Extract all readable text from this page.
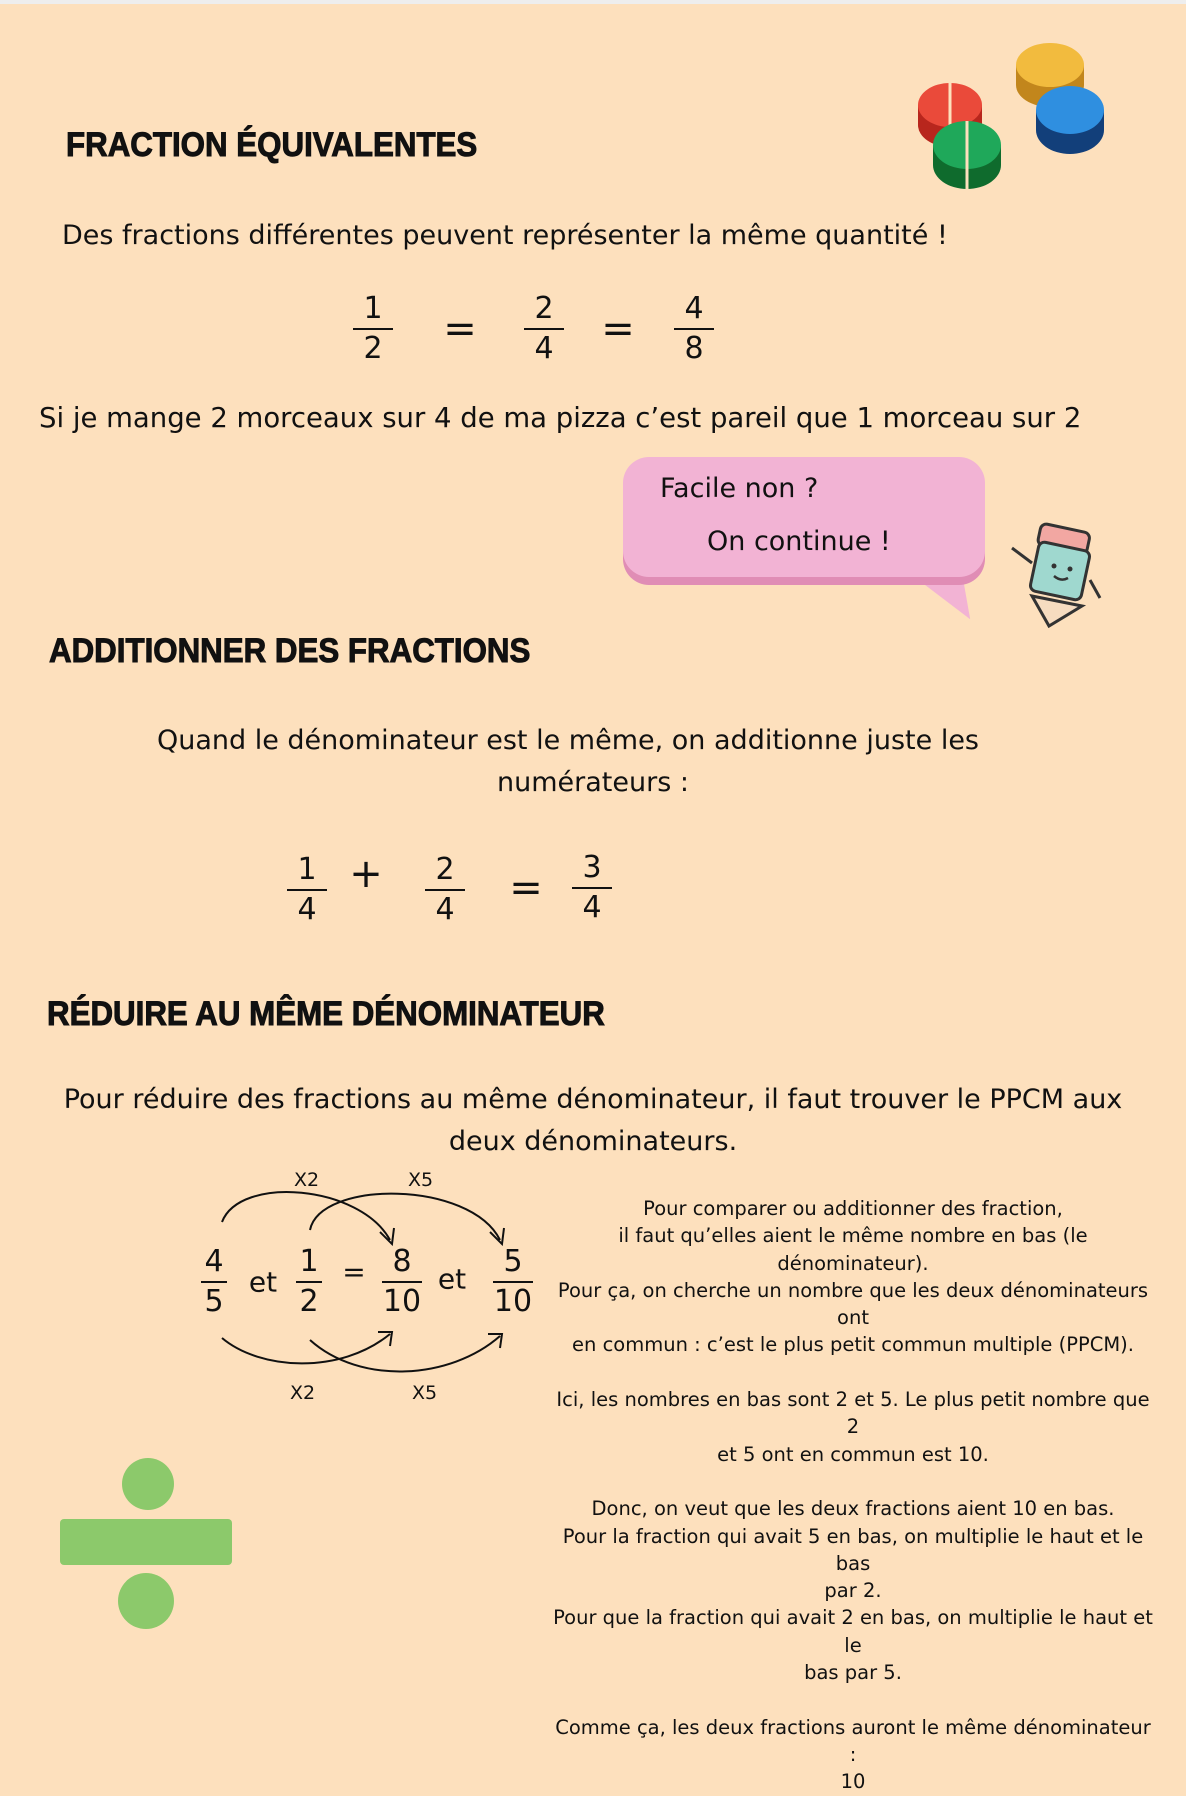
FRACTION ÉQUIVALENTES
Des fractions différentes peuvent représenter la même quantité !
1
2 = 2
4 = 4
8
Si je mange 2 morceaux sur 4 de ma pizza c’est pareil que 1 morceau sur 2
Facile non ?
On continue !
ADDITIONNER DES FRACTIONS
Quand le dénominateur est le même, on additionne juste les
numérateurs :
1
4
+ 2
4 = 3
4
RÉDUIRE AU MÊME DÉNOMINATEUR
Pour réduire des fractions au même dénominateur, il faut trouver le PPCM aux
deux dénominateurs.
X2	X5
X2	X5
4
5
et
1
2
= 8
10
et 5
10
Pour comparer ou additionner des fraction,
il faut qu’elles aient le même nombre en bas (le dénominateur).
Pour ça, on cherche un nombre que les deux dénominateurs ont
en commun : c’est le plus petit commun multiple (PPCM).
Ici, les nombres en bas sont 2 et 5. Le plus petit nombre que 2
et 5 ont en commun est 10.
Donc, on veut que les deux fractions aient 10 en bas.
Pour la fraction qui avait 5 en bas, on multiplie le haut et le bas
par 2.
Pour que la fraction qui avait 2 en bas, on multiplie le haut et le
bas par 5.
Comme ça, les deux fractions auront le même dénominateur :
10
